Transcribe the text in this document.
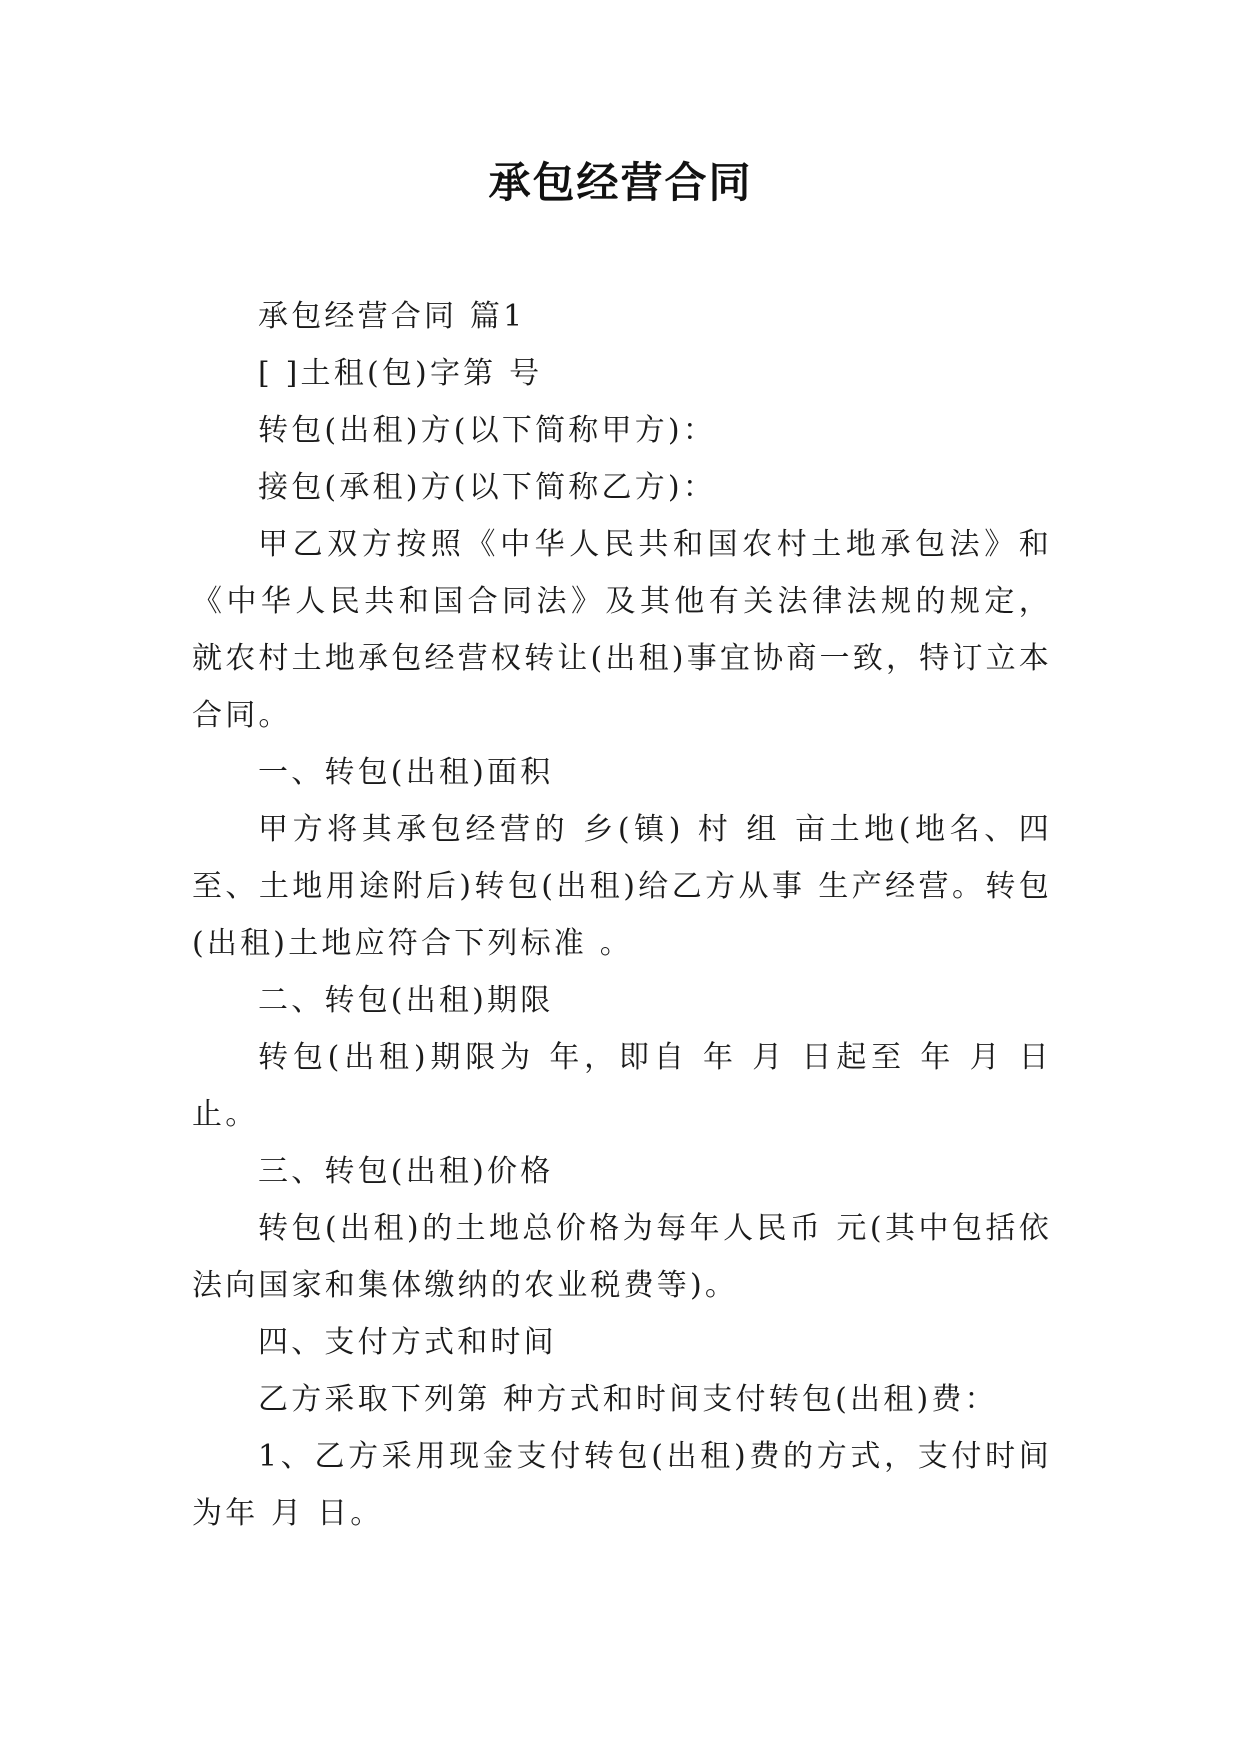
承包经营合同

承包经营合同 篇1

[ ]土租(包)字第 号

转包(出租)方(以下简称甲方)：

接包(承租)方(以下简称乙方)：

甲乙双方按照《中华人民共和国农村土地承包法》和《中华人民共和国合同法》及其他有关法律法规的规定，就农村土地承包经营权转让(出租)事宜协商一致，特订立本合同。

一、转包(出租)面积

甲方将其承包经营的 乡(镇) 村 组 亩土地(地名、四至、土地用途附后)转包(出租)给乙方从事 生产经营。转包(出租)土地应符合下列标准 。

二、转包(出租)期限

转包(出租)期限为 年，即自 年 月 日起至 年 月 日止。

三、转包(出租)价格

转包(出租)的土地总价格为每年人民币 元(其中包括依法向国家和集体缴纳的农业税费等)。

四、支付方式和时间

乙方采取下列第 种方式和时间支付转包(出租)费：

1、乙方采用现金支付转包(出租)费的方式，支付时间为年 月 日。
